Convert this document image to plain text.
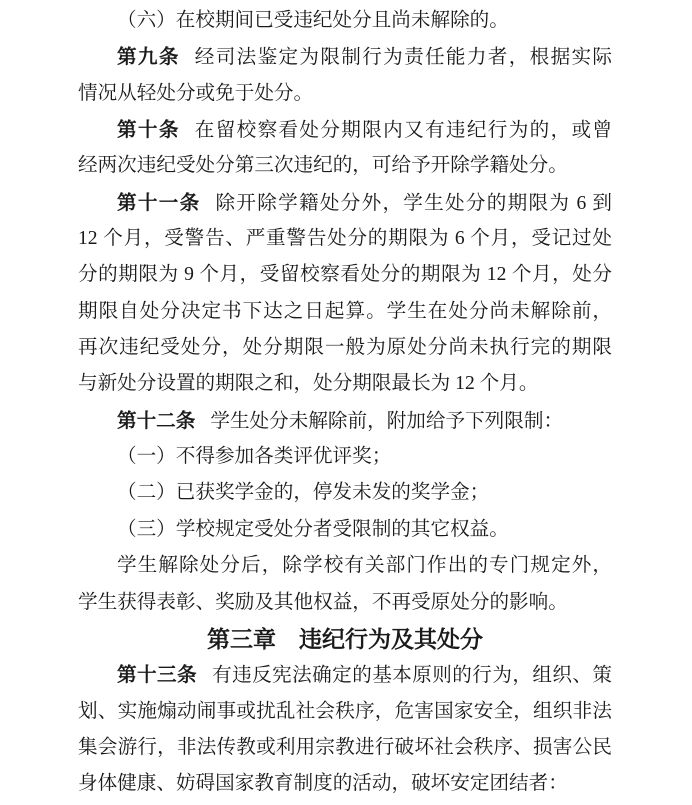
（六）在校期间已受违纪处分且尚未解除的。
第九条 经司法鉴定为限制行为责任能力者，根据实际
情况从轻处分或免于处分。
第十条 在留校察看处分期限内又有违纪行为的，或曾
经两次违纪受处分第三次违纪的，可给予开除学籍处分。
第十一条 除开除学籍处分外，学生处分的期限为 6 到
12 个月，受警告、严重警告处分的期限为 6 个月，受记过处
分的期限为 9 个月，受留校察看处分的期限为 12 个月，处分
期限自处分决定书下达之日起算。学生在处分尚未解除前，
再次违纪受处分，处分期限一般为原处分尚未执行完的期限
与新处分设置的期限之和，处分期限最长为 12 个月。
第十二条 学生处分未解除前，附加给予下列限制：
（一）不得参加各类评优评奖；
（二）已获奖学金的，停发未发的奖学金；
（三）学校规定受处分者受限制的其它权益。
学生解除处分后，除学校有关部门作出的专门规定外，
学生获得表彰、奖励及其他权益，不再受原处分的影响。
第三章　违纪行为及其处分
第十三条 有违反宪法确定的基本原则的行为，组织、策
划、实施煽动闹事或扰乱社会秩序，危害国家安全，组织非法
集会游行，非法传教或利用宗教进行破坏社会秩序、损害公民
身体健康、妨碍国家教育制度的活动，破坏安定团结者：
